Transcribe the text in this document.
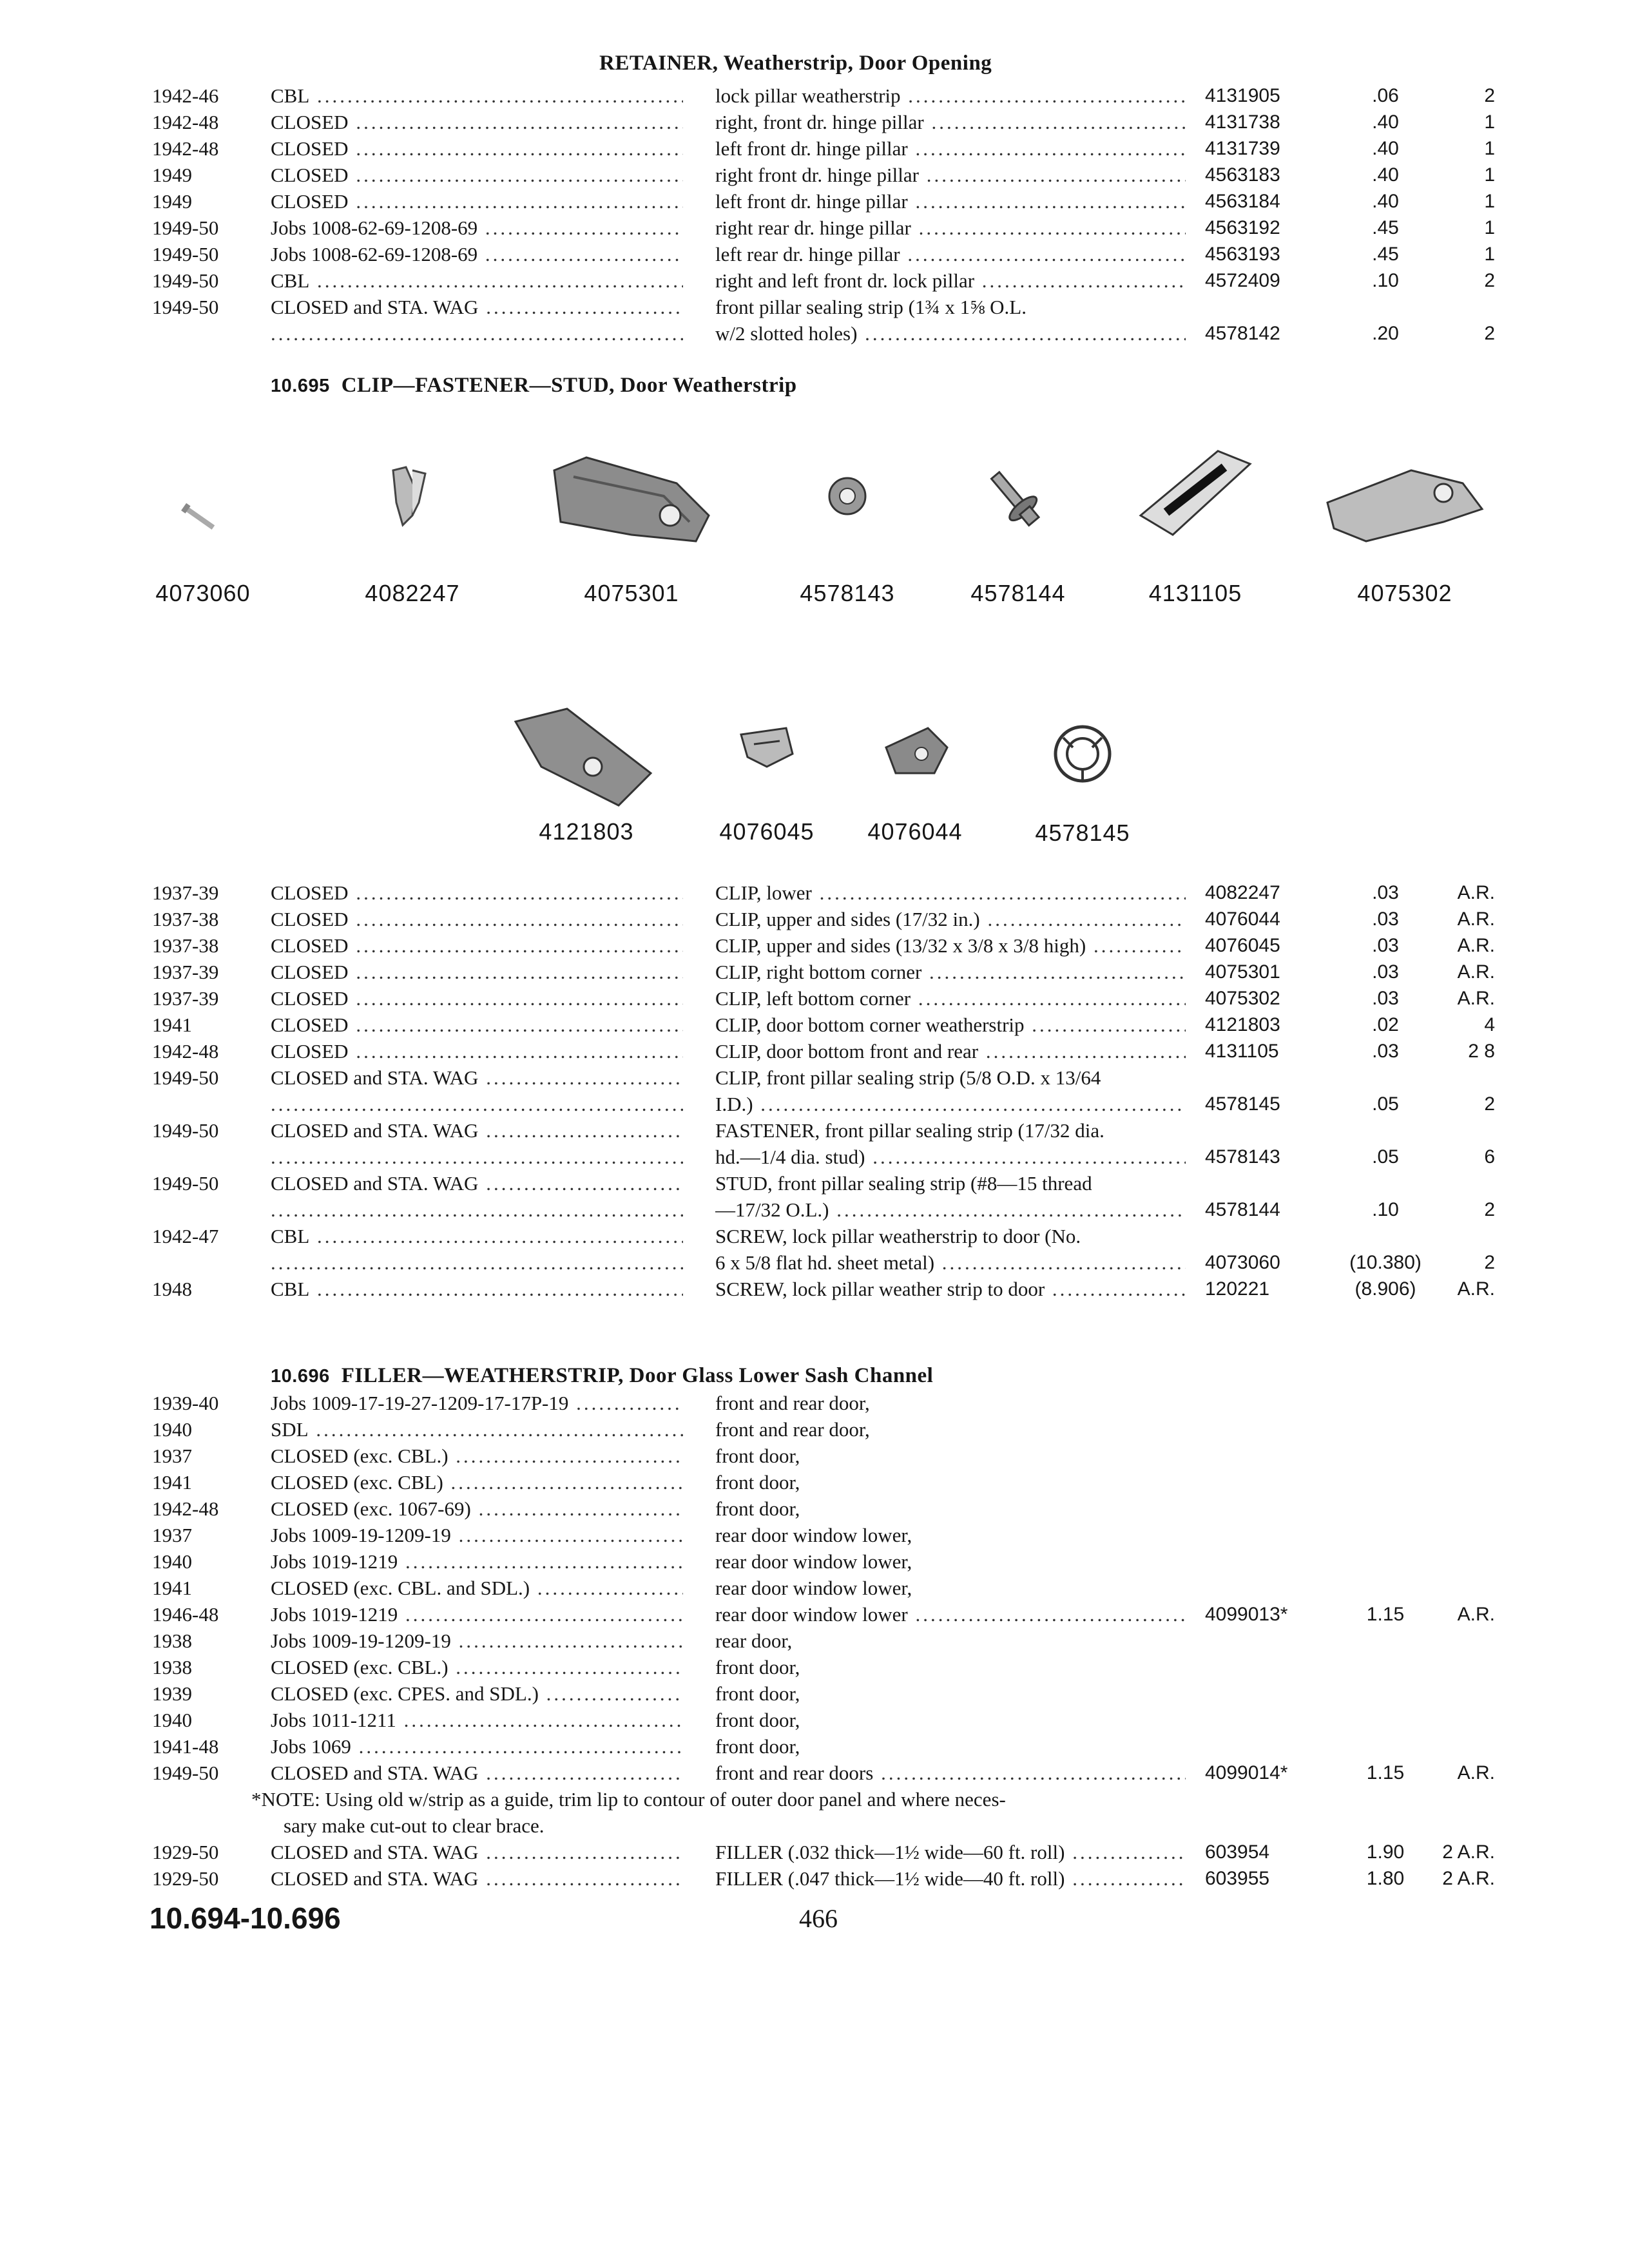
RETAINER, Weatherstrip, Door Opening
1942-46	CBL .....	lock pillar weatherstrip .....	4131905	.06	2
1942-48	CLOSED .....	right, front dr. hinge pillar .....	4131738	.40	1
1942-48	CLOSED .....	left front dr. hinge pillar .....	4131739	.40	1
1949	CLOSED .....	right front dr. hinge pillar .....	4563183	.40	1
1949	CLOSED .....	left front dr. hinge pillar .....	4563184	.40	1
1949-50	Jobs 1008-62-69-1208-69 .....	right rear dr. hinge pillar .....	4563192	.45	1
1949-50	Jobs 1008-62-69-1208-69 .....	left rear dr. hinge pillar .....	4563193	.45	1
1949-50	CBL .....	right and left front dr. lock pillar .....	4572409	.10	2
1949-50	CLOSED and STA. WAG .....	front pillar sealing strip (1¾ x 1⅝ O.L.
.....
w/2 slotted holes) .....	4578142	.20	2
10.695 CLIP—FASTENER—STUD, Door Weatherstrip
4073060	4082247	4075301	4578143	4578144	4131105	4075302
4121803	4076045	4076044	4578145
1937-39	CLOSED .....	CLIP, lower .....	4082247	.03	A.R.
1937-38	CLOSED .....	CLIP, upper and sides (17/32 in.) .....	4076044	.03	A.R.
1937-38	CLOSED .....	CLIP, upper and sides (13/32 x 3/8 x 3/8 high) .....	4076045	.03	A.R.
1937-39	CLOSED .....	CLIP, right bottom corner .....	4075301	.03	A.R.
1937-39	CLOSED .....	CLIP, left bottom corner .....	4075302	.03	A.R.
1941	CLOSED .....	CLIP, door bottom corner weatherstrip .....	4121803	.02	4
1942-48	CLOSED .....	CLIP, door bottom front and rear .....	4131105	.03	2 8
1949-50	CLOSED and STA. WAG .....	CLIP, front pillar sealing strip (5/8 O.D. x 13/64
.....
I.D.) .....	4578145	.05	2
1949-50	CLOSED and STA. WAG .....	FASTENER, front pillar sealing strip (17/32 dia.
.....
hd.—1/4 dia. stud) .....	4578143	.05	6
1949-50	CLOSED and STA. WAG .....	STUD, front pillar sealing strip (#8—15 thread
.....
—17/32 O.L.) .....	4578144	.10	2
1942-47	CBL .....	SCREW, lock pillar weatherstrip to door (No.
.....
6 x 5/8 flat hd. sheet metal) .....	4073060	(10.380)	2
1948	CBL .....	SCREW, lock pillar weather strip to door .....	120221	(8.906)	A.R.
10.696 FILLER—WEATHERSTRIP, Door Glass Lower Sash Channel
1939-40	Jobs 1009-17-19-27-1209-17-17P-19 .....	front and rear door,
1940	SDL .....	front and rear door,
1937	CLOSED (exc. CBL.) .....	front door,
1941	CLOSED (exc. CBL) .....	front door,
1942-48	CLOSED (exc. 1067-69) .....	front door,
1937	Jobs 1009-19-1209-19 .....	rear door window lower,
1940	Jobs 1019-1219 .....	rear door window lower,
1941	CLOSED (exc. CBL. and SDL.) .....	rear door window lower,
1946-48	Jobs 1019-1219 .....	rear door window lower .....	4099013*	1.15	A.R.
1938	Jobs 1009-19-1209-19 .....	rear door,
1938	CLOSED (exc. CBL.) .....	front door,
1939	CLOSED (exc. CPES. and SDL.) .....	front door,
1940	Jobs 1011-1211 .....	front door,
1941-48	Jobs 1069 .....	front door,
1949-50	CLOSED and STA. WAG .....	front and rear doors .....	4099014*	1.15	A.R.
*NOTE: Using old w/strip as a guide, trim lip to contour of outer door panel and where neces-
sary make cut-out to clear brace.
1929-50	CLOSED and STA. WAG .....	FILLER (.032 thick—1½ wide—60 ft. roll) .....	603954	1.90	2 A.R.
1929-50	CLOSED and STA. WAG .....	FILLER (.047 thick—1½ wide—40 ft. roll) .....	603955	1.80	2 A.R.
10.694-10.696	466
